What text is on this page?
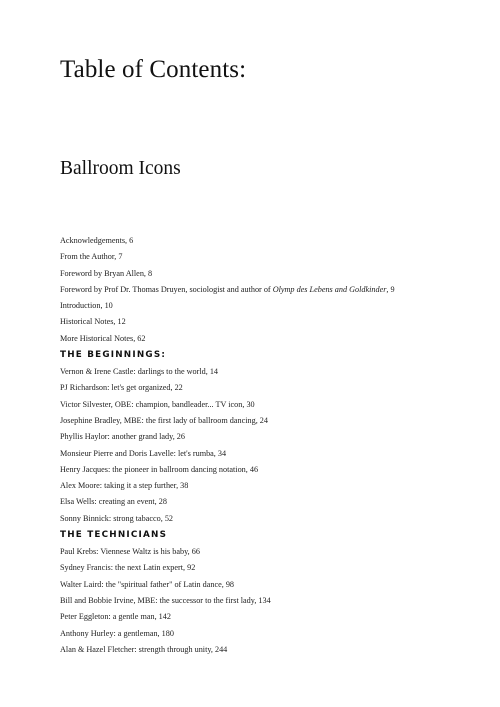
Table of Contents:
Ballroom Icons
Acknowledgements, 6
From the Author, 7
Foreword by Bryan Allen, 8
Foreword by Prof Dr. Thomas Druyen, sociologist and author of Olymp des Lebens and Goldkinder, 9
Introduction, 10
Historical Notes, 12
More Historical Notes, 62
THE BEGINNINGS:
Vernon & Irene Castle: darlings to the world, 14
PJ Richardson: let's get organized, 22
Victor Silvester, OBE: champion, bandleader... TV icon, 30
Josephine Bradley, MBE: the first lady of ballroom dancing, 24
Phyllis Haylor: another grand lady, 26
Monsieur Pierre and Doris Lavelle: let's rumba, 34
Henry Jacques: the pioneer in ballroom dancing notation, 46
Alex Moore: taking it a step further, 38
Elsa Wells: creating an event, 28
Sonny Binnick: strong tabacco, 52
THE TECHNICIANS
Paul Krebs: Viennese Waltz is his baby, 66
Sydney Francis: the next Latin expert, 92
Walter Laird: the "spiritual father" of Latin dance, 98
Bill and Bobbie Irvine, MBE: the successor to the first lady, 134
Peter Eggleton: a gentle man, 142
Anthony Hurley: a gentleman, 180
Alan & Hazel Fletcher: strength through unity, 244
